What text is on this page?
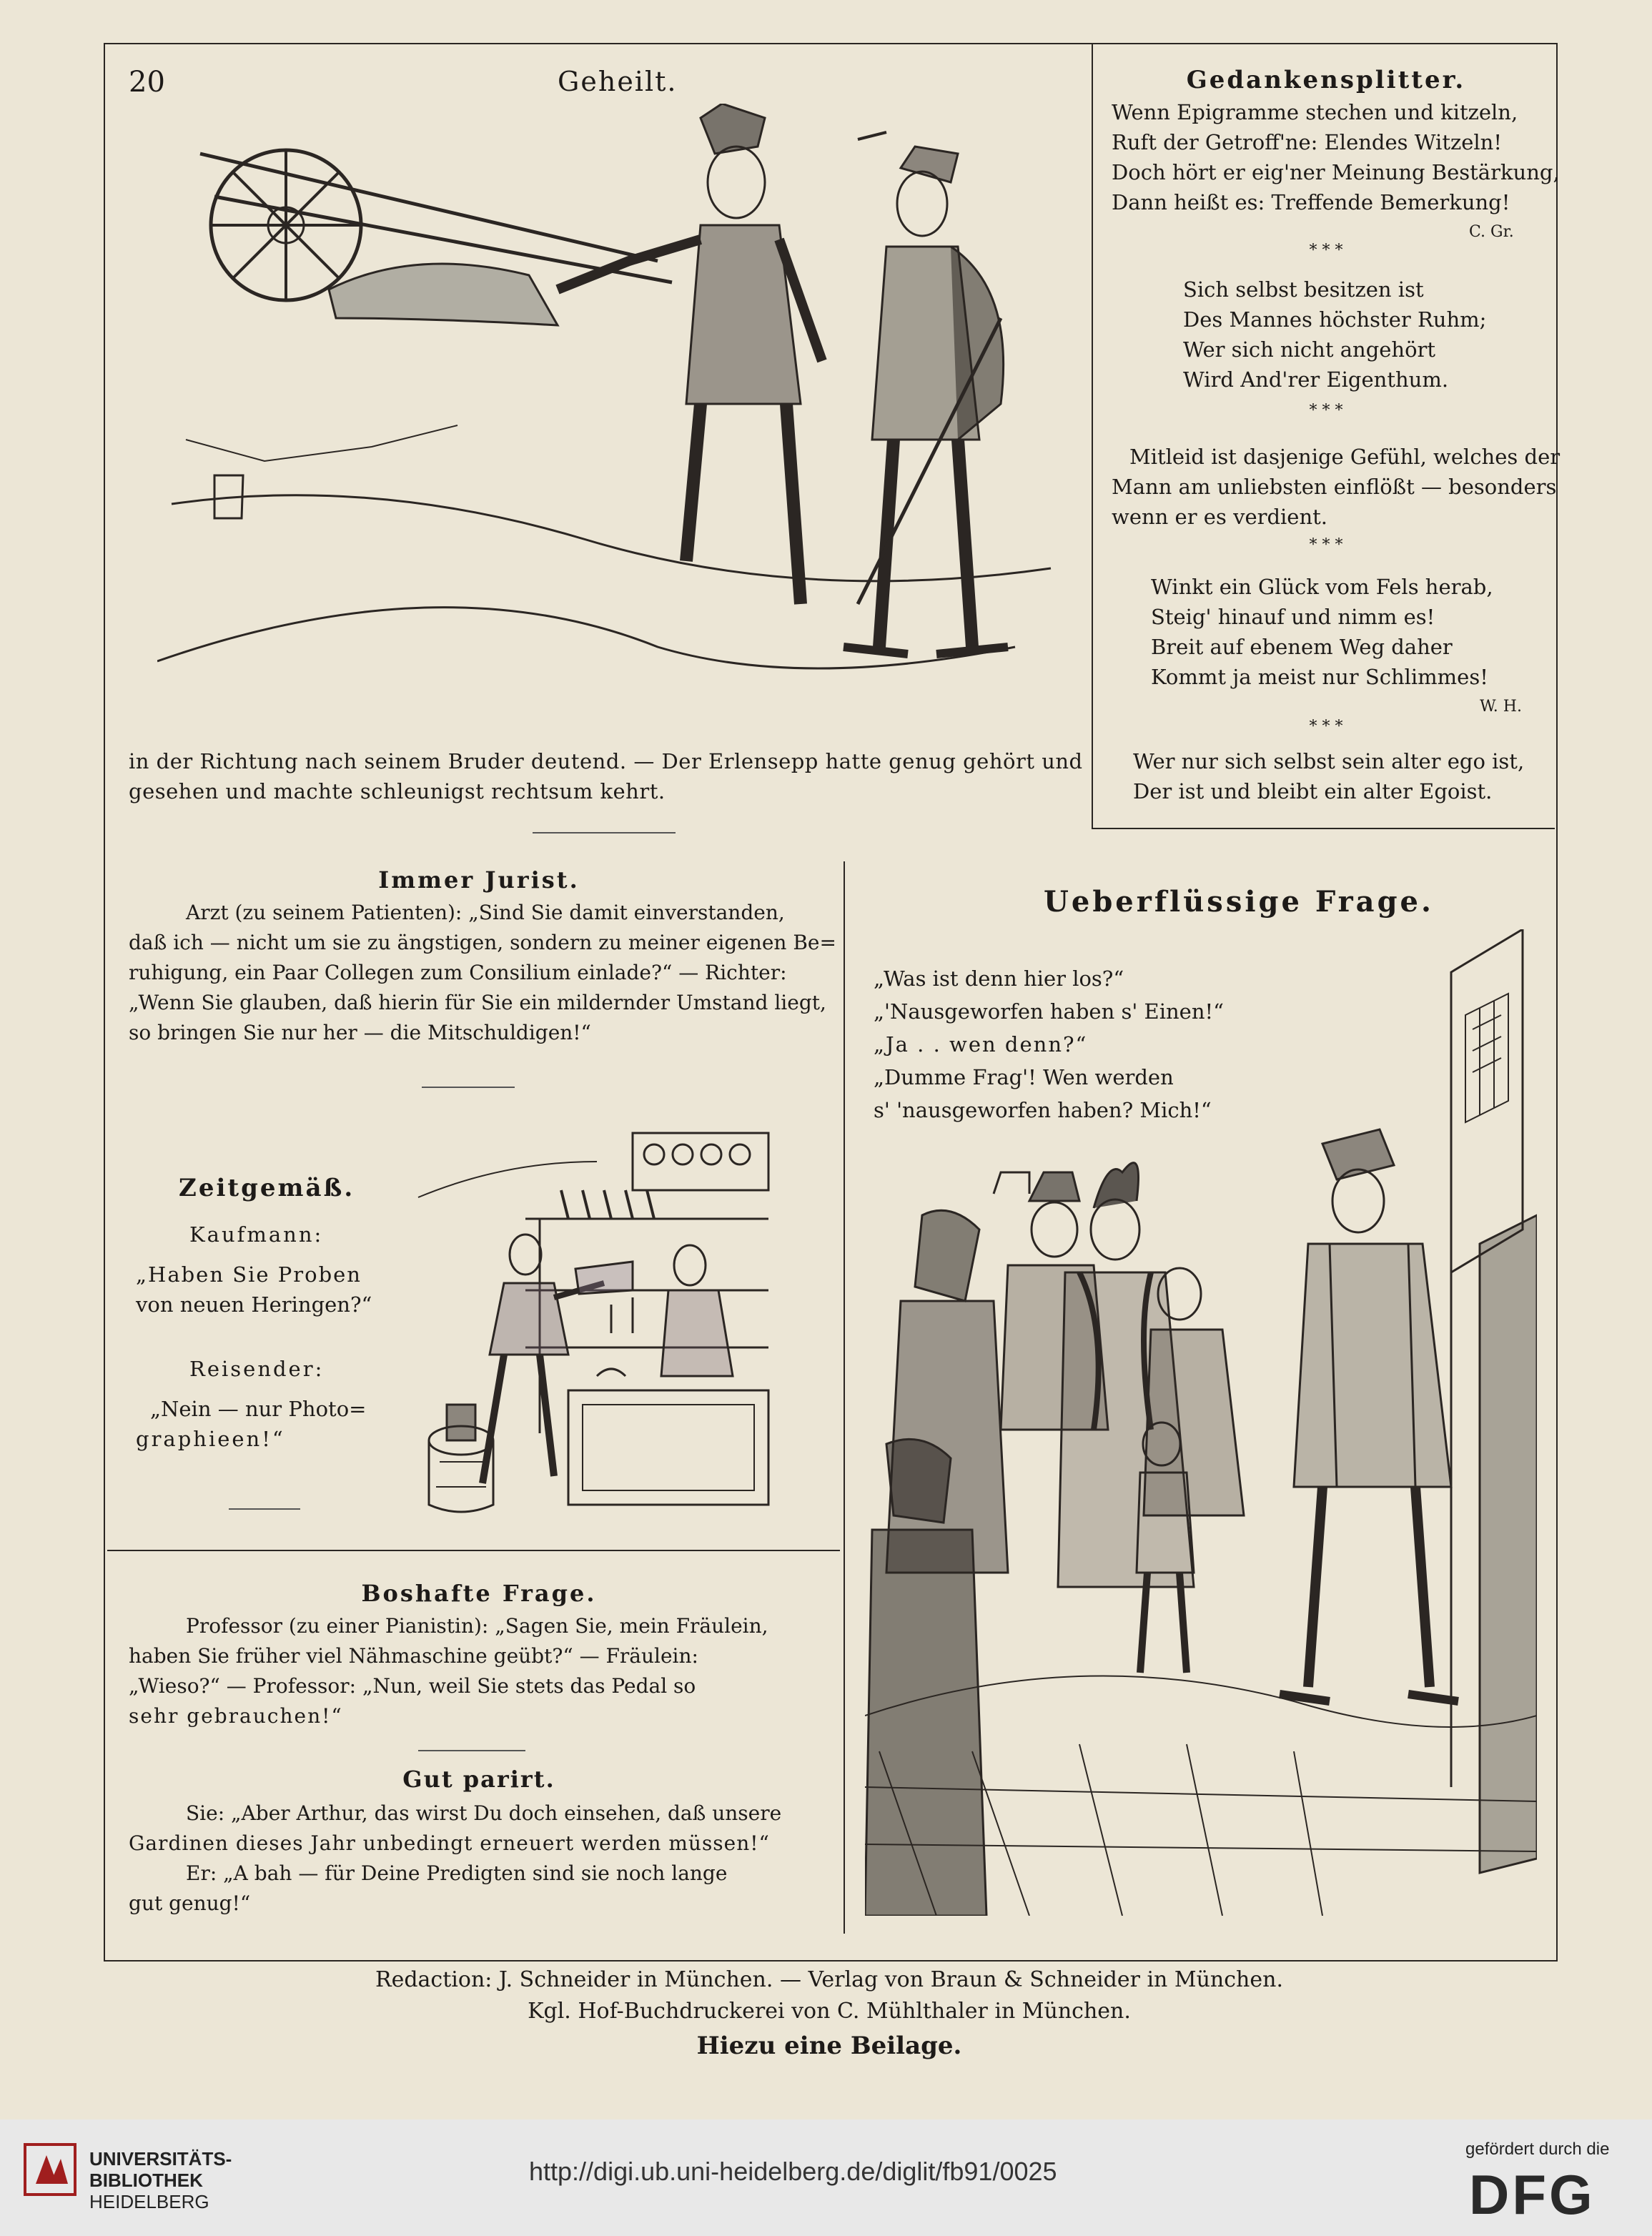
20	Geheilt.	Gedankensplitter.
Wenn Epigramme stechen und kitzeln,
Ruft der Getroff'ne: Elendes Witzeln!
Doch hört er eig'ner Meinung Bestärkung,
Dann heißt es: Treffende Bemerkung!
C. Gr.
* * *
Sich selbst besitzen ist
Des Mannes höchster Ruhm;
Wer sich nicht angehört
Wird And'rer Eigenthum.
* * *
Mitleid ist dasjenige Gefühl, welches der
Mann am unliebsten einflößt — besonders
wenn er es verdient.
* * *
Winkt ein Glück vom Fels herab,
Steig' hinauf und nimm es!
Breit auf ebenem Weg daher
Kommt ja meist nur Schlimmes!
W. H.
* * *
Wer nur sich selbst sein alter ego ist,
Der ist und bleibt ein alter Egoist.
in der Richtung nach seinem Bruder deutend. — Der Erlensepp hatte genug gehört und
gesehen und machte schleunigst rechtsum kehrt.
Immer Jurist.
Arzt (zu seinem Patienten): „Sind Sie damit einverstanden,
daß ich — nicht um sie zu ängstigen, sondern zu meiner eigenen Be=
ruhigung, ein Paar Collegen zum Consilium einlade?“ — Richter:
„Wenn Sie glauben, daß hierin für Sie ein mildernder Umstand liegt,
so bringen Sie nur her — die Mitschuldigen!“
Zeitgemäß.
Kaufmann:
„Haben Sie Proben
von neuen Heringen?“
Reisender:
„Nein — nur Photo=
graphieen!“
Ueberflüssige Frage.
„Was ist denn hier los?“
„'Nausgeworfen haben s' Einen!“
„Ja . . wen denn?“
„Dumme Frag'! Wen werden
s' 'nausgeworfen haben? Mich!“
Boshafte Frage.
Professor (zu einer Pianistin): „Sagen Sie, mein Fräulein,
haben Sie früher viel Nähmaschine geübt?“ — Fräulein:
„Wieso?“ — Professor: „Nun, weil Sie stets das Pedal so
sehr gebrauchen!“
Gut parirt.
Sie: „Aber Arthur, das wirst Du doch einsehen, daß unsere
Gardinen dieses Jahr unbedingt erneuert werden müssen!“
Er: „A bah — für Deine Predigten sind sie noch lange
gut genug!“
Redaction: J. Schneider in München. — Verlag von Braun & Schneider in München.
Kgl. Hof-Buchdruckerei von C. Mühlthaler in München.
Hiezu eine Beilage.
UNIVERSITÄTS-
BIBLIOTHEK
HEIDELBERG
http://digi.ub.uni-heidelberg.de/diglit/fb91/0025
gefördert durch die
DFG
